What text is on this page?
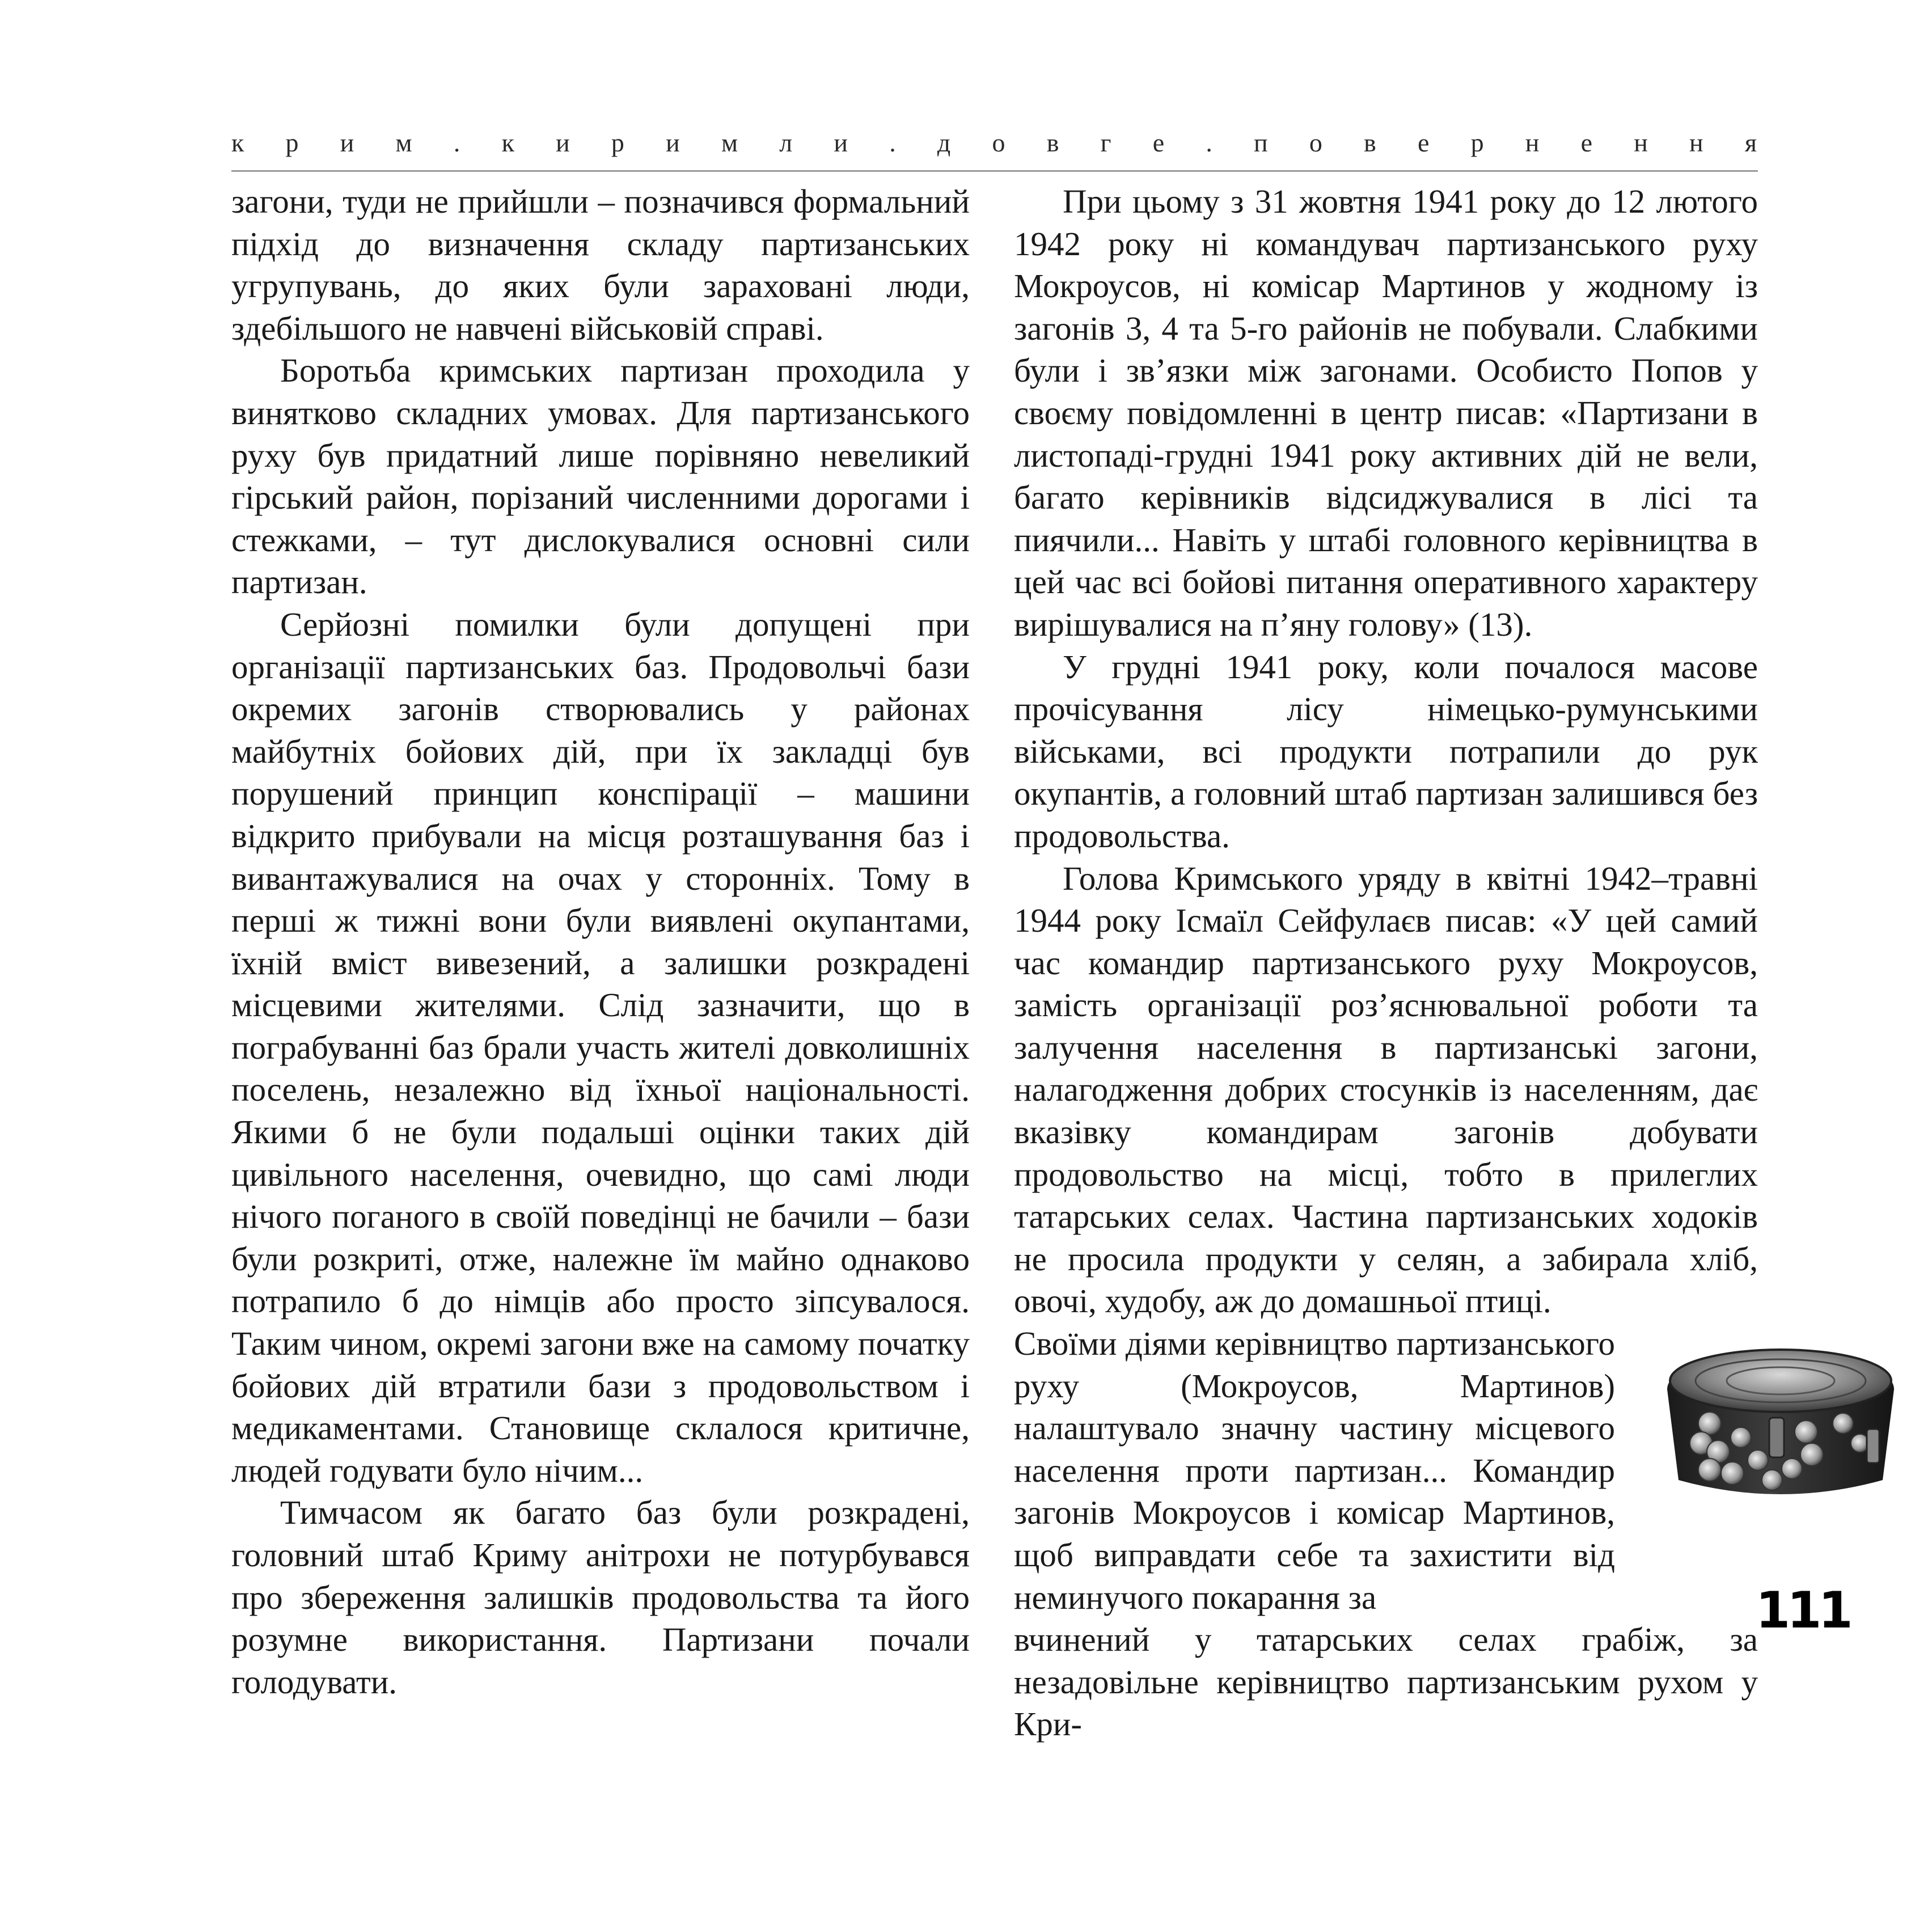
к р и м . к и р и м л и . д о в г е . п о в е р н е н н я

загони, туди не прийшли – позначився формальний підхід до визначення складу партизанських угрупувань, до яких були зараховані люди, здебільшого не навчені військовій справі.

Боротьба кримських партизан проходила у винятково складних умовах. Для партизанського руху був придатний лише порівняно невеликий гірський район, порізаний численними дорогами і стежками, – тут дислокувалися основні сили партизан.

Серйозні помилки були допущені при організації партизанських баз. Продовольчі бази окремих загонів створювались у районах майбутніх бойових дій, при їх закладці був порушений принцип конспірації – машини відкрито прибували на місця розташування баз і вивантажувалися на очах у сторонніх. Тому в перші ж тижні вони були виявлені окупантами, їхній вміст вивезений, а залишки розкрадені місцевими жителями. Слід зазначити, що в пограбуванні баз брали участь жителі довколишніх поселень, незалежно від їхньої національності. Якими б не були подальші оцінки таких дій цивільного населення, очевидно, що самі люди нічого поганого в своїй поведінці не бачили – бази були розкриті, отже, належне їм майно однаково потрапило б до німців або просто зіпсувалося. Таким чином, окремі загони вже на самому початку бойових дій втратили бази з продовольством і медикаментами. Становище склалося критичне, людей годувати було нічим...

Тимчасом як багато баз були розкрадені, головний штаб Криму анітрохи не потурбувався про збереження залишків продовольства та його розумне використання. Партизани почали голодувати.

При цьому з 31 жовтня 1941 року до 12 лютого 1942 року ні командувач партизанського руху Мокроусов, ні комісар Мартинов у жодному із загонів 3, 4 та 5-го районів не побували. Слабкими були і зв’язки між загонами. Особисто Попов у своєму повідомленні в центр писав: «Партизани в листопаді-грудні 1941 року активних дій не вели, багато керівників відсиджувалися в лісі та пиячили... Навіть у штабі головного керівництва в цей час всі бойові питання оперативного характеру вирішувалися на п’яну голову» (13).

У грудні 1941 року, коли почалося масове прочісування лісу німецько-румунськими військами, всі продукти потрапили до рук окупантів, а головний штаб партизан залишився без продовольства.

Голова Кримського уряду в квітні 1942–травні 1944 року Ісмаїл Сейфулаєв писав: «У цей самий час командир партизанського руху Мокроусов, замість організації роз’яснювальної роботи та залучення населення в партизанські загони, налагодження добрих стосунків із населенням, дає вказівку командирам загонів добувати продовольство на місці, тобто в прилеглих татарських селах. Частина партизанських ходоків не просила продукти у селян, а забирала хліб, овочі, худобу, аж до домашньої птиці.

Своїми діями керівництво партизанського руху (Мокроусов, Мартинов) налаштувало значну частину місцевого населення проти партизан... Командир загонів Мокроусов і комісар Мартинов, щоб виправдати себе та захистити від неминучого покарання за

вчинений у татарських селах грабіж, за незадовільне керівництво партизанським рухом у Кри-

111
